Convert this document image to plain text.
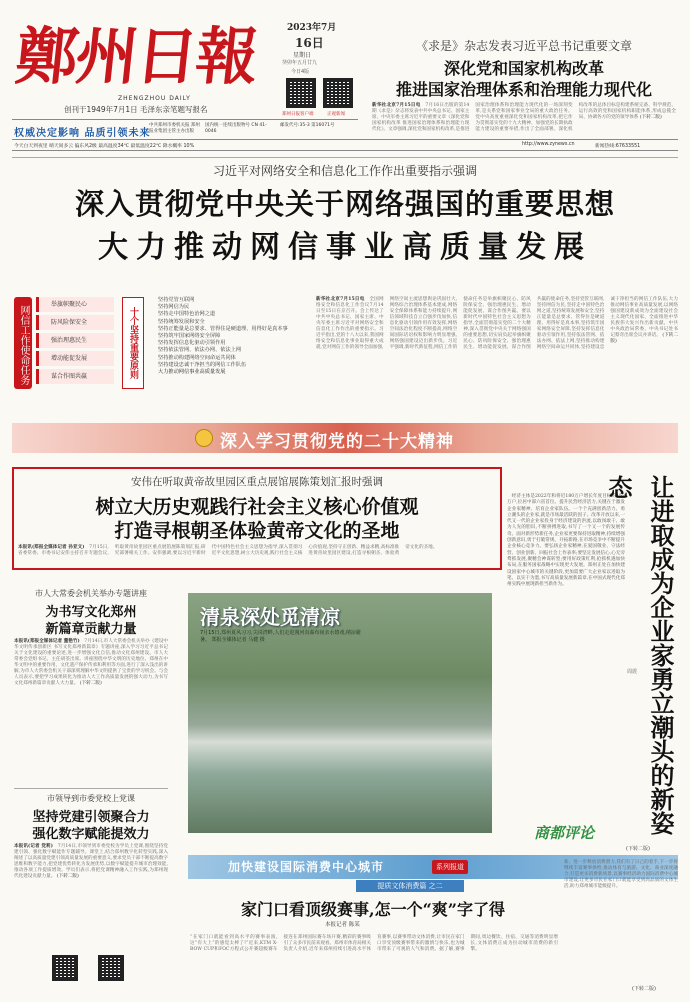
鄭州日報
ZHENGZHOU DAILY
创刊于1949年7月1日 毛泽东亲笔题写报名
2023年7月
16日
星期日
癸卯年五月廿九
今日4版
郑州日报客户端	正观新闻
权威决定影响 品质引领未来
中共郑州市委机关报 郑州报业集团主管主办出版
国内统一连续出版物号 CN 41-0046
邮发代号:35-3 第16071号
今天白天到夜里 晴天间多云 偏东风2级 最高温度34℃ 最低温度22℃ 降水概率 10%	http://www.zynews.cn	新闻热线:67633551
《求是》杂志发表习近平总书记重要文章
深化党和国家机构改革
推进国家治理体系和治理能力现代化
新华社北京7月15日电　7月16日出版的第14期《求是》杂志将发表中共中央总书记、国家主席、中央军委主席习近平的重要文章《深化党和国家机构改革 推进国家治理体系和治理能力现代化》。文章强调,深化党和国家机构改革,是推进国家治理体系和治理能力现代化的一场深刻变革,是关系党和国家事业全局的重大政治任务。党中央高度重视深化党和国家机构改革,把它作为贯彻落实党的十九大精神、加强党的长期执政能力建设的重要举措,作出了全面部署。深化机构改革的总体目标是构建系统完备、科学规范、运行高效的党和国家机构职能体系,形成总揽全局、协调各方的党的领导体系 (下转二版)
习近平对网络安全和信息化工作作出重要指示强调
深入贯彻党中央关于网络强国的重要思想
大力推动网信事业高质量发展
网信工作使命任务
举旗帜聚民心
防风险保安全
强治理惠民生
增动能促发展
谋合作图共赢	十个坚持重要原则
坚持党管互联网
坚持网信为民
坚持走中国特色治网之道
坚持统筹发展和安全
坚持正能量是总要求、管得住是硬道理、用得好是真本事
坚持筑牢国家网络安全屏障
坚持发挥信息化驱动引领作用
坚持依法管网、依法办网、依法上网
坚持推动构建网络空间命运共同体
坚持建设忠诚干净担当的网信工作队伍
大力推动网信事业高质量发展
新华社北京7月15日电　全国网络安全和信息化工作会议7月14日至15日在京召开。会上传达了中共中央总书记、国家主席、中央军委主席习近平对网络安全和信息化工作作出的重要指示。习近平指出,党的十八大以来,我国网络安全和信息化事业取得重大成就,党对网信工作的领导全面加强,网络空间主流思想舆论巩固壮大,网络综合治理体系基本建成,网络安全保障体系和能力持续提升,网信领域科技自立自强步伐加快,信息化驱动引领作用有效发挥,网络空间法治化程度不断提高,网络空间国际话语权和影响力明显增强,网络强国建设迈出新步伐。习近平强调,新时代新征程,网信工作的使命任务是举旗帜聚民心、防风险保安全、强治理惠民生、增动能促发展、谋合作图共赢。要以新时代中国特色社会主义思想为指导,全面贯彻落实党的二十大精神,深入贯彻党中央关于网络强国的重要思想,切实肩负起举旗帜聚民心、防风险保安全、强治理惠民生、增动能促发展、谋合作图共赢的使命任务,坚持党管互联网,坚持网信为民,坚持走中国特色治网之道,坚持统筹发展和安全,坚持正能量是总要求、管得住是硬道理、用得好是真本事,坚持筑牢国家网络安全屏障,坚持发挥信息化驱动引领作用,坚持依法管网、依法办网、依法上网,坚持推动构建网络空间命运共同体,坚持建设忠诚干净担当的网信工作队伍,大力推动网信事业高质量发展,以网络强国建设新成效为全面建设社会主义现代化国家、全面推进中华民族伟大复兴作出新贡献。中共中央政治局常委、中央书记处书记蔡奇出席会议并讲话。 (下转二版)
深入学习贯彻党的二十大精神
安伟在听取黄帝故里园区重点展馆展陈策划汇报时强调
树立大历史观践行社会主义核心价值观
打造寻根朝圣体验黄帝文化的圣地
本报讯(郑报全媒体记者 孙亚文)　7月15日,省委常委、市委书记安伟主持召开专题会议,听取黄帝故里园区重点展馆展陈策划汇报,研究部署相关工作。安伟强调,要以习近平新时代中国特色社会主义思想为指导,深入贯彻习近平文化思想,树立大历史观,践行社会主义核心价值观,坚持守正创新、精益求精,高标准推进黄帝故里园区建设,打造寻根朝圣、体验黄帝文化的圣地。
　经济主体是2022年和将近180万户增长年度目标的152万户,位居中部六省首位。提升民营经济活力,关键在于激发企业家精神、培育企业家队伍。一个个充满创新活力、勇立潮头的企业家,就是市场最活跃的因子。改革开放以来,一代又一代的企业家投身于经济建设的洪流,以敢闯敢干、敢为人先的胆识,不断拼搏进取,书写了一个又一个的发展传奇。面对新形势新任务,企业家更要保持进取精神,持续增强创新意识,勇于打破常规、开拓新路,在市场竞争中不断提升企业核心竞争力。要弘扬企业家精神,在爱国敬业、守法经营、创业创新、回报社会上作表率;要坚定发展信心,心无旁骛抓发展,聚精会神谋转型;要用好政策红利,抢抓机遇加快布局,在服务国家战略中实现更大发展。郑州正处在加快建设国家中心城市的关键阶段,更加需要广大企业家以进取为笔、以实干为墨,书写高质量发展新篇章,在中国式现代化郑州实践中展现新担当新作为。
周震 让进取成为企业家勇立潮头的新姿态
商都评论
(下转二版)
市人大常委会机关举办专题讲座
为书写文化郑州
新篇章贡献力量
本报讯(郑报全媒体记者 董艳竹)　7月14日,市人大常委会机关举办《建设中华文明传承创新区 书写文化郑州新篇章》专题讲座,深入学习习近平总书记关于文化建设的重要论述,进一步增强文化自信,推动文化郑州建设。市人大常委会党组书记、主任胡荃出席。讲座围绕中华文明的历史地位、郑州在中华文明中的重要作用、文化遗产保护传承和利用等方面,进行了深入浅出的讲解,为市人大常委会机关干部深刻理解中华文明提供了宝贵的学习机会。与会人员表示,要把学习成果转化为推动人大工作高质量发展的强大动力,为书写文化郑州新篇章贡献人大力量。 (下转二版)
市领导到市委党校上党课
坚持党建引领聚合力
强化数字赋能提效力
本报讯(记者 党莉)　7月14日,市领导到市委党校为学员上党课,围绕坚持党建引领、强化数字赋能作专题辅导。课堂上,结合郑州数字化转型实践,深入阐述了以高质量党建引领高质量发展的重要意义,要求党员干部不断提高数字思维和数字能力,把党建优势转化为发展优势,以数字赋能提升城市治理效能,推动各项工作提质增效。学员们表示,将把党课精神融入工作实践,为郑州现代化建设贡献力量。 (下转二版)
清泉深处觅清凉
7月15日,郑州夏风习习,尖岗湾畔,人们走进漫河沟瀑布间亲水嬉戏,纳凉避暑。 郑报全媒体记者 马健 摄
加快建设国际消费中心城市	系列报道
提质文体消费篇 之二
家门口看顶级赛事,怎一个“爽”字了得
本报记者 陈某
“在家门口就能看到高水平的赛事表演,这“有大上”的感觉太棒了!”近来,KTM X-BOW CUP和FOC方程式公开赛超级赛车接连在郑州国际赛车场开赛,精彩的赛事吸引了众多市民前来观看。郑州市体育局相关负责人介绍,近年来郑州持续引进高水平体育赛事,以赛事带动文体消费,让市民在家门口享受顶级赛事带来的激情与快乐,也为城市带来了可观的人气和消费。据了解,赛事期间,周边餐饮、住宿、交通等消费明显增长,文体消费正成为拉动城市消费的新引擎。
新、进一步释放消费潜力,我们有了日己的着手,下一步将继续丰富赛事供给,推动体育与旅游、文化、商业深度融合,打造更多消费新场景,以赛事经济助力国际消费中心城市建设,让更多市民在家门口就能享受到高品质的文体生活,助力郑州城市能级提升。
(下转二版)
